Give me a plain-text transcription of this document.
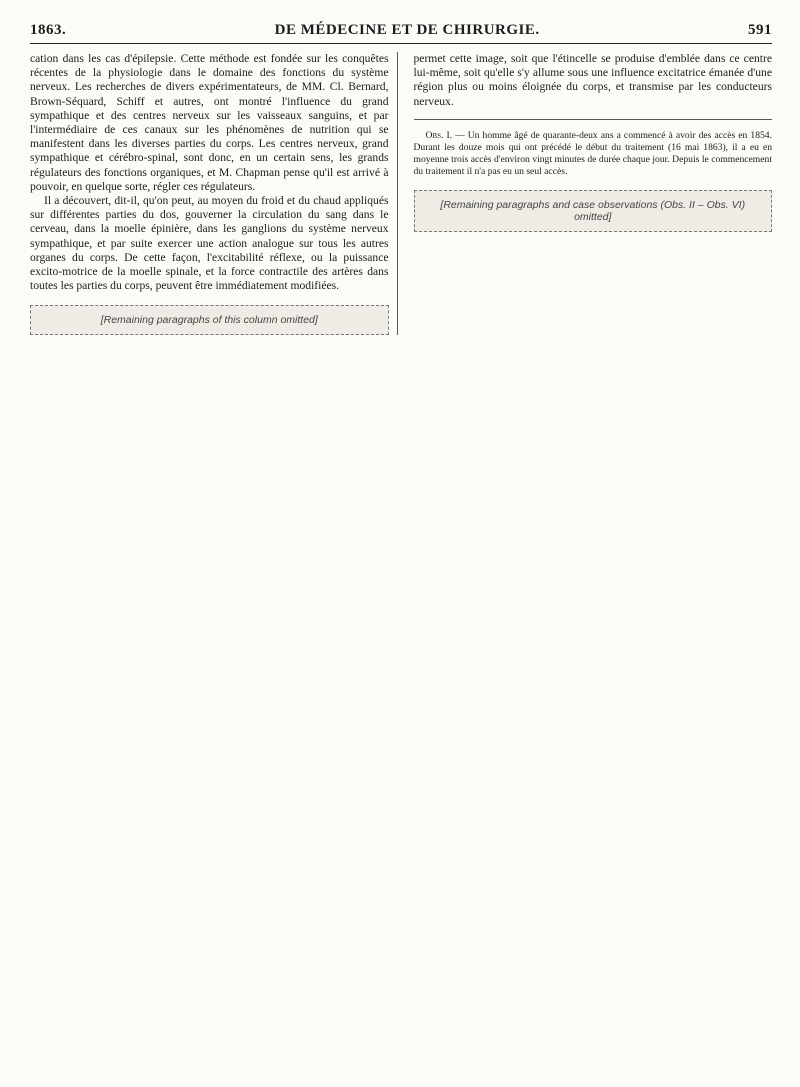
1863.	DE MÉDECINE ET DE CHIRURGIE.	591

cation dans les cas d'épilepsie. Cette méthode est fondée sur les conquêtes récentes de la physiologie dans le domaine des fonctions du système nerveux. Les recherches de divers expérimentateurs, de MM. Cl. Bernard, Brown-Séquard, Schiff et autres, ont montré l'influence du grand sympathique et des centres nerveux sur les vaisseaux sanguins, et par l'intermédiaire de ces canaux sur les phénomènes de nutrition qui se manifestent dans les diverses parties du corps. Les centres nerveux, grand sympathique et cérébro-spinal, sont donc, en un certain sens, les grands régulateurs des fonctions organiques, et M. Chapman pense qu'il est arrivé à pouvoir, en quelque sorte, régler ces régulateurs.

Il a découvert, dit-il, qu'on peut, au moyen du froid et du chaud appliqués sur différentes parties du dos, gouverner la circulation du sang dans le cerveau, dans la moelle épinière, dans les ganglions du système nerveux sympathique, et par suite exercer une action analogue sur tous les autres organes du corps. De cette façon, l'excitabilité réflexe, ou la puissance excito-motrice de la moelle spinale, et la force contractile des artères dans toutes les parties du corps, peuvent être immédiatement modifiées.

[Remaining paragraphs of this column omitted]

permet cette image, soit que l'étincelle se produise d'emblée dans ce centre lui-même, soit qu'elle s'y allume sous une influence excitatrice émanée d'une région plus ou moins éloignée du corps, et transmise par les conducteurs nerveux.

Obs. I. — Un homme âgé de quarante-deux ans a commencé à avoir des accès en 1854. Durant les douze mois qui ont précédé le début du traitement (16 mai 1863), il a eu en moyenne trois accès d'environ vingt minutes de durée chaque jour. Depuis le commencement du traitement il n'a pas eu un seul accès.

[Remaining paragraphs and case observations (Obs. II – Obs. VI) omitted]
